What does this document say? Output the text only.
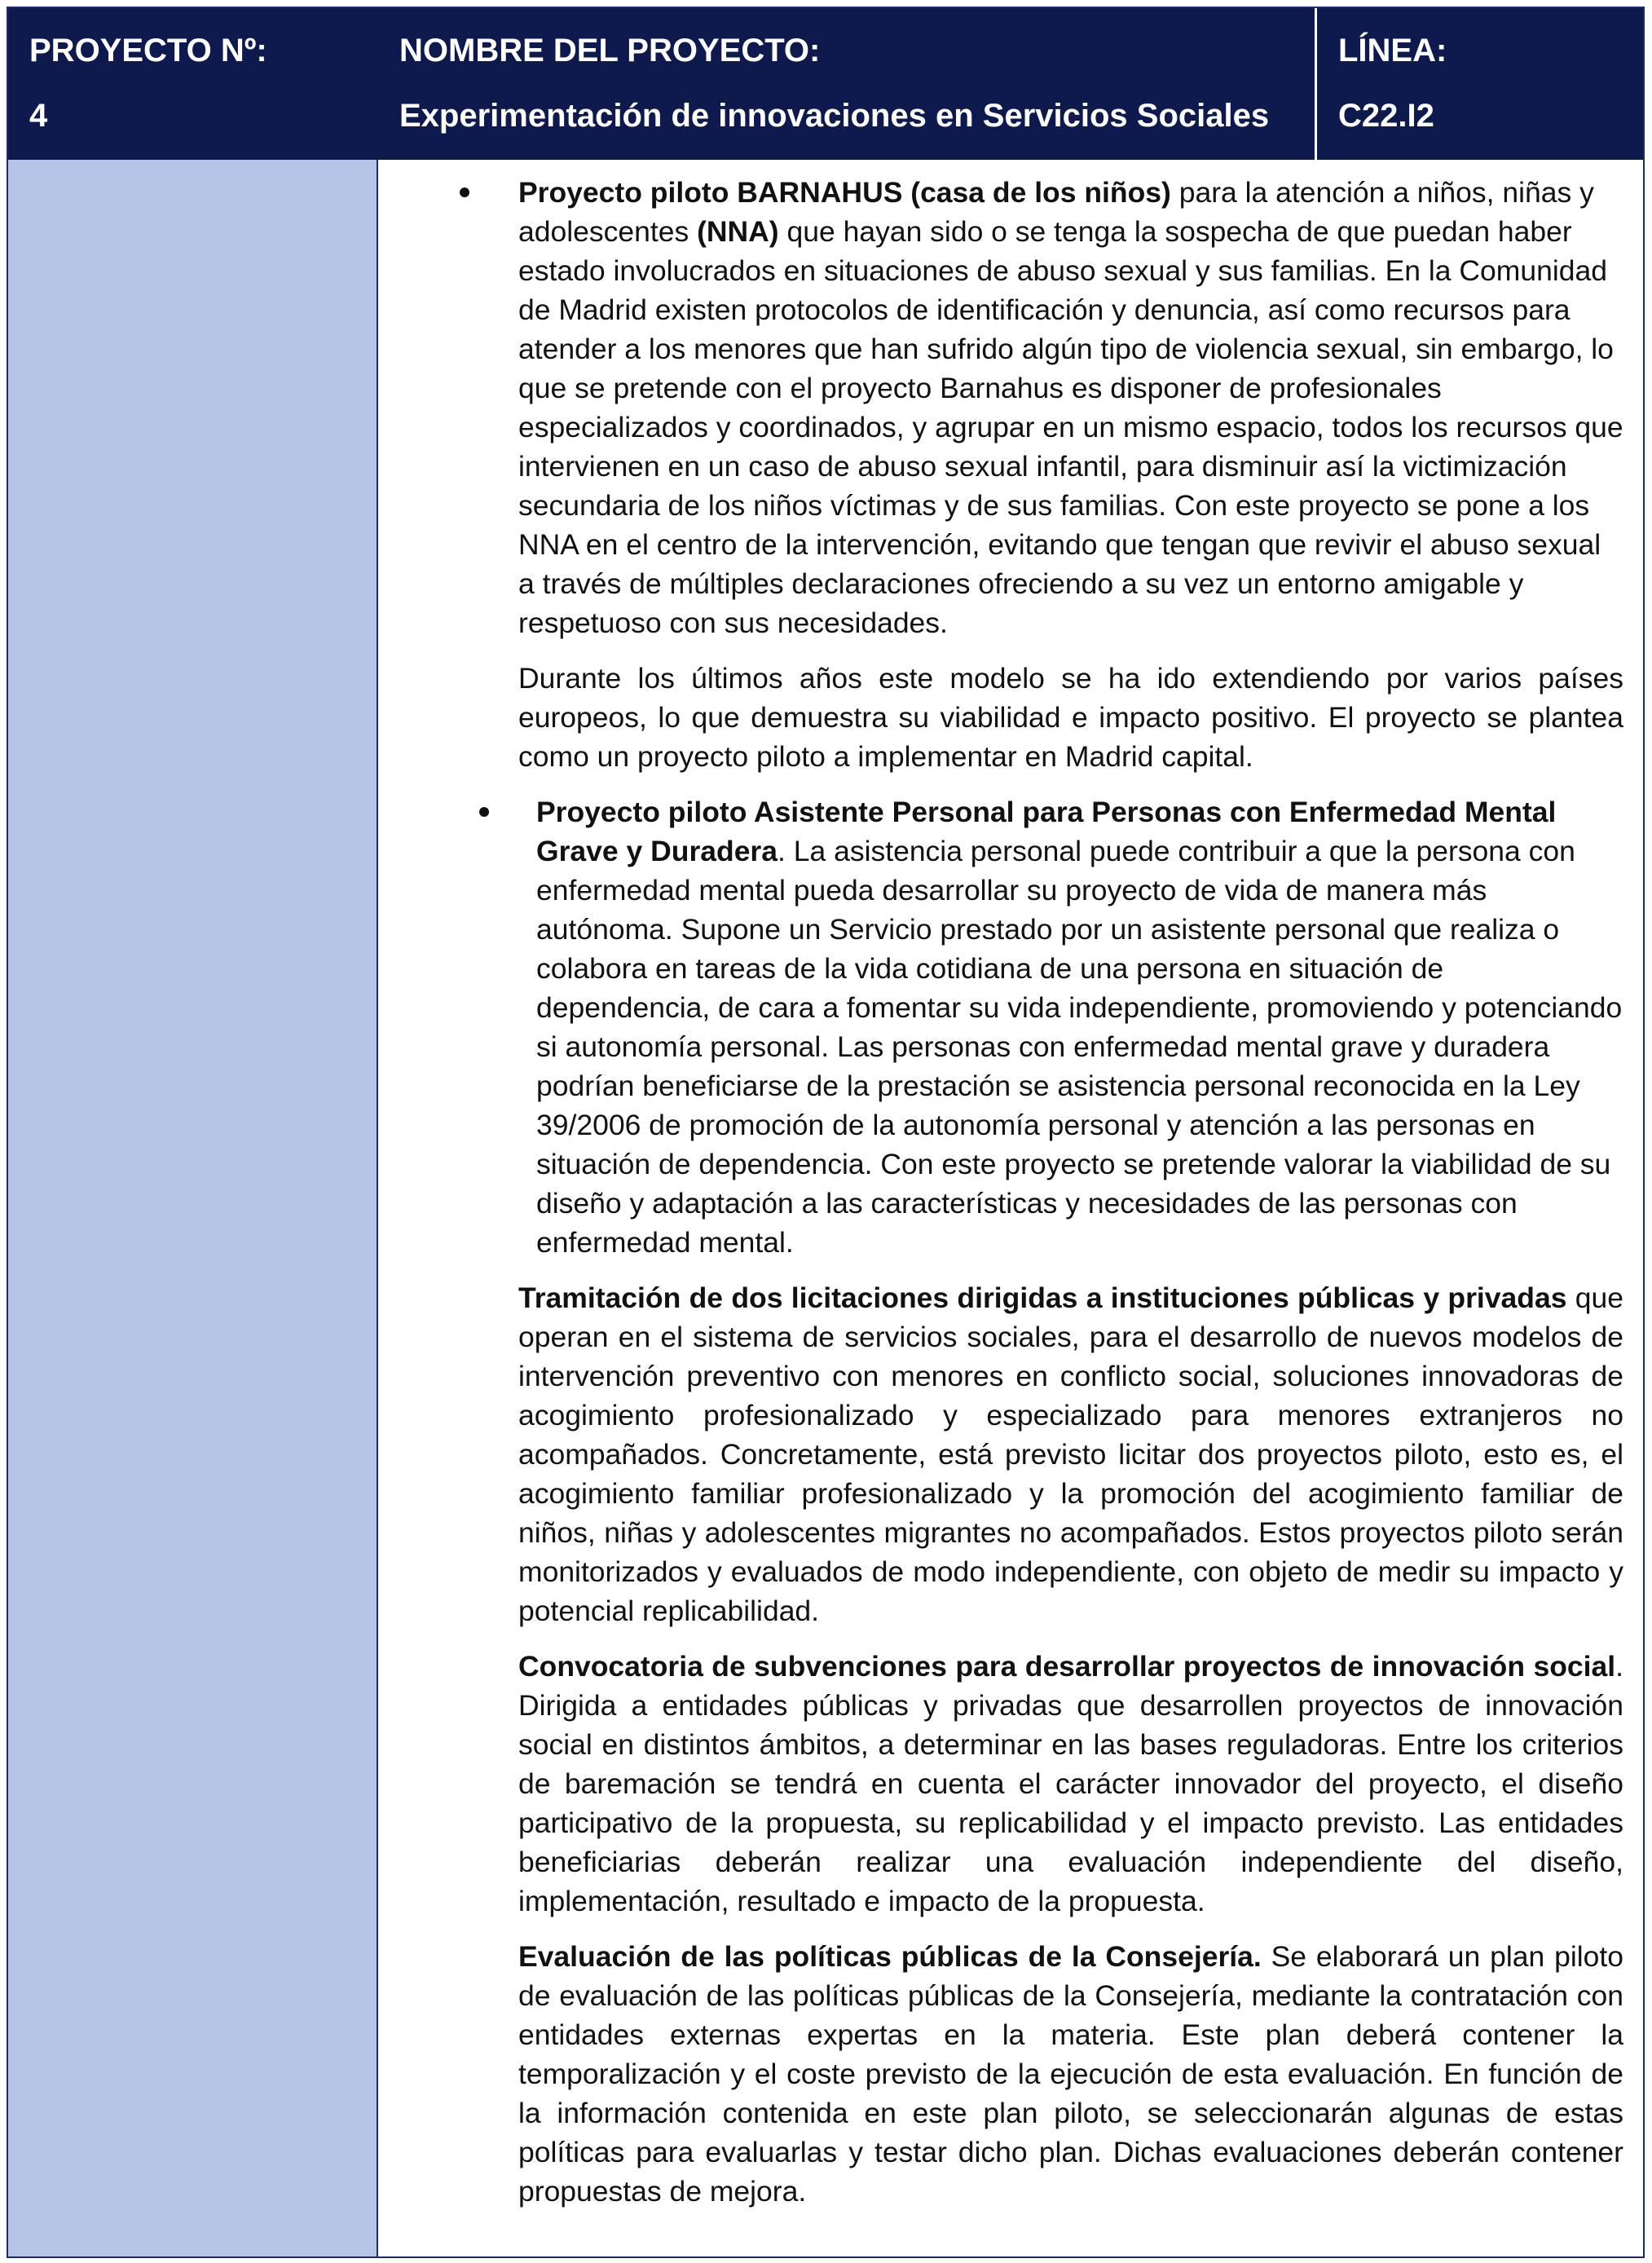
PROYECTO Nº:
4
NOMBRE DEL PROYECTO:
Experimentación de innovaciones en Servicios Sociales
LÍNEA:
C22.I2
Proyecto piloto BARNAHUS (casa de los niños) para la atención a niños, niñas y adolescentes (NNA) que hayan sido o se tenga la sospecha de que puedan haber estado involucrados en situaciones de abuso sexual y sus familias. En la Comunidad de Madrid existen protocolos de identificación y denuncia, así como recursos para atender a los menores que han sufrido algún tipo de violencia sexual, sin embargo, lo que se pretende con el proyecto Barnahus es disponer de profesionales especializados y coordinados, y agrupar en un mismo espacio, todos los recursos que intervienen en un caso de abuso sexual infantil, para disminuir así la victimización secundaria de los niños víctimas y de sus familias. Con este proyecto se pone a los NNA en el centro de la intervención, evitando que tengan que revivir el abuso sexual a través de múltiples declaraciones ofreciendo a su vez un entorno amigable y respetuoso con sus necesidades.
Durante los últimos años este modelo se ha ido extendiendo por varios países europeos, lo que demuestra su viabilidad e impacto positivo. El proyecto se plantea como un proyecto piloto a implementar en Madrid capital.
Proyecto piloto Asistente Personal para Personas con Enfermedad Mental Grave y Duradera. La asistencia personal puede contribuir a que la persona con enfermedad mental pueda desarrollar su proyecto de vida de manera más autónoma. Supone un Servicio prestado por un asistente personal que realiza o colabora en tareas de la vida cotidiana de una persona en situación de dependencia, de cara a fomentar su vida independiente, promoviendo y potenciando si autonomía personal. Las personas con enfermedad mental grave y duradera podrían beneficiarse de la prestación se asistencia personal reconocida en la Ley 39/2006 de promoción de la autonomía personal y atención a las personas en situación de dependencia. Con este proyecto se pretende valorar la viabilidad de su diseño y adaptación a las características y necesidades de las personas con enfermedad mental.
Tramitación de dos licitaciones dirigidas a instituciones públicas y privadas que operan en el sistema de servicios sociales, para el desarrollo de nuevos modelos de intervención preventivo con menores en conflicto social, soluciones innovadoras de acogimiento profesionalizado y especializado para menores extranjeros no acompañados. Concretamente, está previsto licitar dos proyectos piloto, esto es, el acogimiento familiar profesionalizado y la promoción del acogimiento familiar de niños, niñas y adolescentes migrantes no acompañados. Estos proyectos piloto serán monitorizados y evaluados de modo independiente, con objeto de medir su impacto y potencial replicabilidad.
Convocatoria de subvenciones para desarrollar proyectos de innovación social. Dirigida a entidades públicas y privadas que desarrollen proyectos de innovación social en distintos ámbitos, a determinar en las bases reguladoras. Entre los criterios de baremación se tendrá en cuenta el carácter innovador del proyecto, el diseño participativo de la propuesta, su replicabilidad y el impacto previsto. Las entidades beneficiarias deberán realizar una evaluación independiente del diseño, implementación, resultado e impacto de la propuesta.
Evaluación de las políticas públicas de la Consejería. Se elaborará un plan piloto de evaluación de las políticas públicas de la Consejería, mediante la contratación con entidades externas expertas en la materia. Este plan deberá contener la temporalización y el coste previsto de la ejecución de esta evaluación. En función de la información contenida en este plan piloto, se seleccionarán algunas de estas políticas para evaluarlas y testar dicho plan. Dichas evaluaciones deberán contener propuestas de mejora.
